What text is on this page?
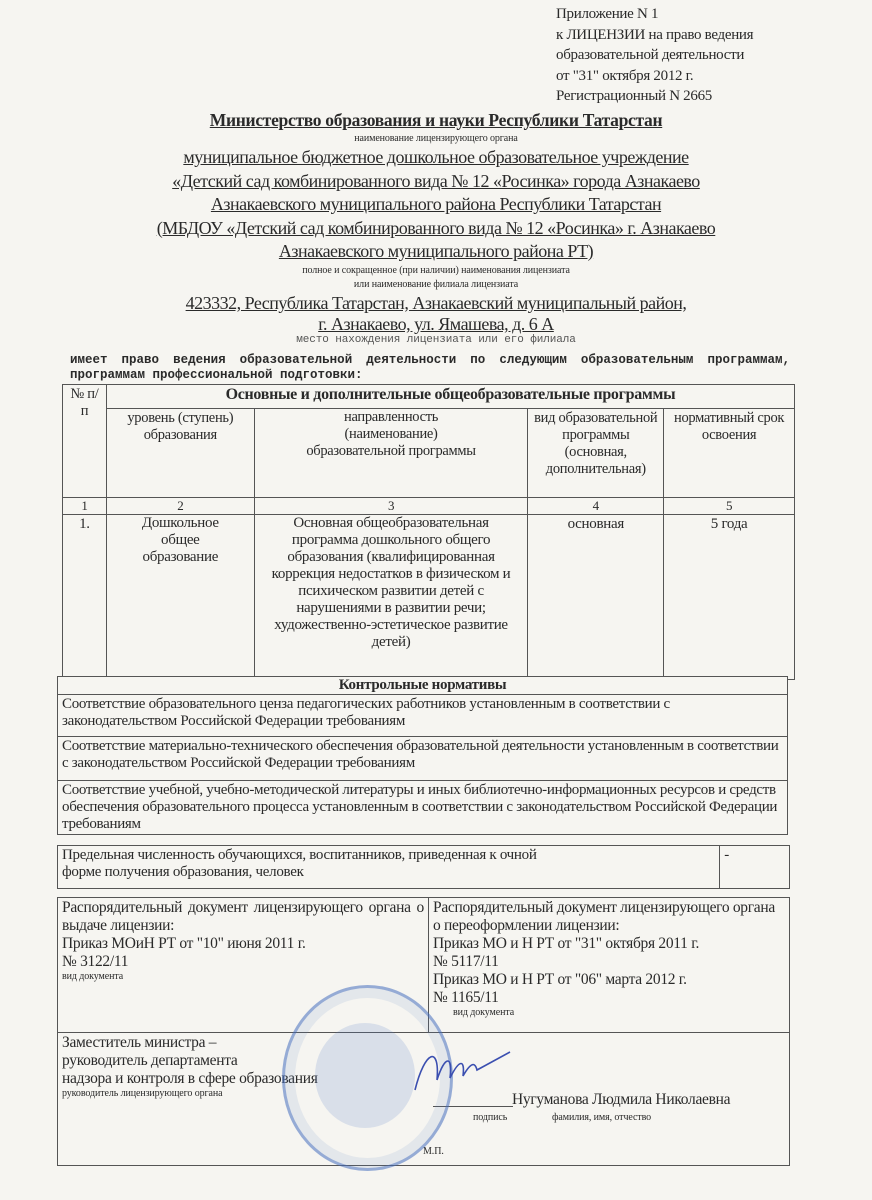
Приложение N 1
к ЛИЦЕНЗИИ на право ведения
образовательной деятельности
от "31" октября 2012 г.
Регистрационный N 2665
Министерство образования и науки Республики Татарстан
наименование лицензирующего органа
муниципальное бюджетное дошкольное образовательное учреждение
«Детский сад комбинированного вида № 12 «Росинка» города Азнакаево
Азнакаевского муниципального района Республики Татарстан
(МБДОУ «Детский сад комбинированного вида № 12 «Росинка» г. Азнакаево
Азнакаевского муниципального района РТ)
полное и сокращенное (при наличии) наименования лицензиата
или наименование филиала лицензиата
423332, Республика Татарстан, Азнакаевский муниципальный район,
г. Азнакаево, ул. Ямашева, д. 6 А
место нахождения лицензиата или его филиала
имеет право ведения образовательной деятельности по следующим образовательным программам, программам профессиональной подготовки:
№ п/п	Основные и дополнительные общеобразовательные программы			
	уровень (ступень) образования	направленность (наименование) образовательной программы	вид образовательной программы (основная, дополнительная)	нормативный срок освоения
1	2	3	4	5
1.	Дошкольное общее образование	Основная общеобразовательная программа дошкольного общего образования (квалифицированная коррекция недостатков в физическом и психическом развитии детей с нарушениями в развитии речи; художественно-эстетическое развитие детей)	основная	5 года
Контрольные нормативы
Соответствие образовательного ценза педагогических работников установленным в соответствии с законодательством Российской Федерации требованиям
Соответствие материально-технического обеспечения образовательной деятельности установленным в соответствии с законодательством Российской Федерации требованиям
Соответствие учебной, учебно-методической литературы и иных библиотечно-информационных ресурсов и средств обеспечения образовательного процесса установленным в соответствии с законодательством Российской Федерации требованиям
Предельная численность обучающихся, воспитанников, приведенная к очной форме получения образования, человек	-
Распорядительный документ лицензирующего органа о выдаче лицензии:
Приказ МОиН РТ от "10" июня 2011 г.
№ 3122/11
вид документа

Распорядительный документ лицензирующего органа о переоформлении лицензии:
Приказ МО и Н РТ от "31" октября 2011 г.
№ 5117/11
Приказ МО и Н РТ от "06" марта 2012 г.
№ 1165/11
вид документа

Заместитель министра –
руководитель департамента
надзора и контроля в сфере образования
руководитель лицензирующего органа
подпись
Нугуманова Людмила Николаевна
фамилия, имя, отчество
М.П.
